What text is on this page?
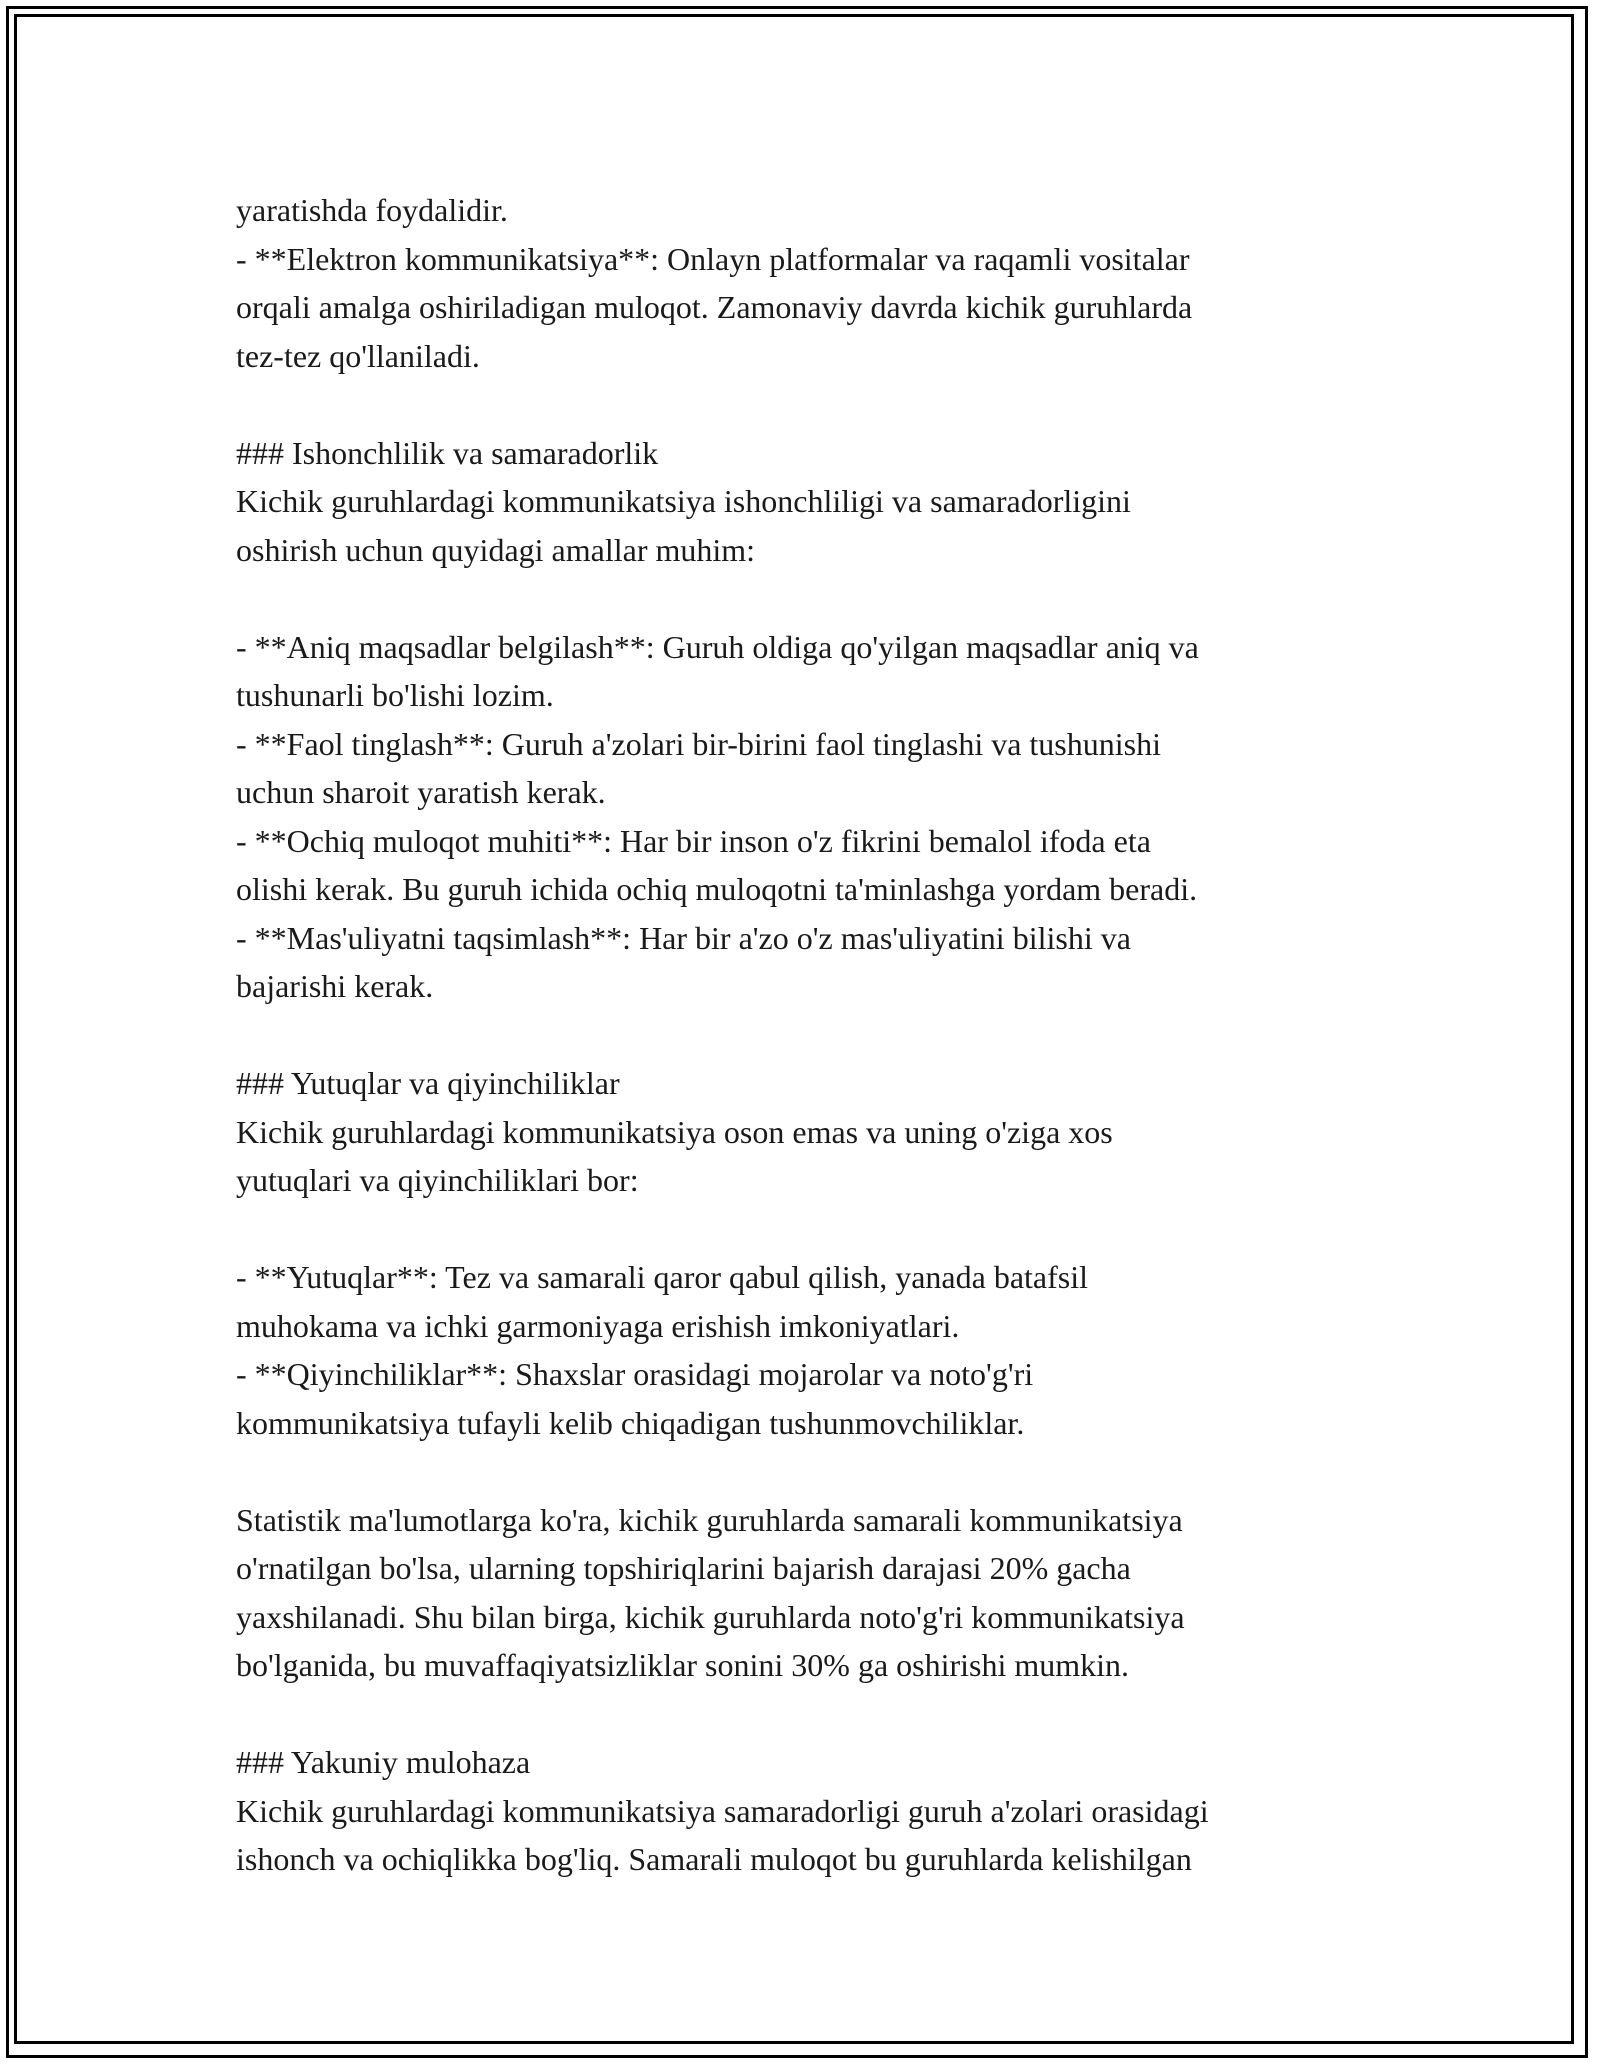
yaratishda foydalidir.
- **Elektron kommunikatsiya**: Onlayn platformalar va raqamli vositalar
orqali amalga oshiriladigan muloqot. Zamonaviy davrda kichik guruhlarda
tez-tez qo'llaniladi.
### Ishonchlilik va samaradorlik
Kichik guruhlardagi kommunikatsiya ishonchliligi va samaradorligini
oshirish uchun quyidagi amallar muhim:
- **Aniq maqsadlar belgilash**: Guruh oldiga qo'yilgan maqsadlar aniq va
tushunarli bo'lishi lozim.
- **Faol tinglash**: Guruh a'zolari bir-birini faol tinglashi va tushunishi
uchun sharoit yaratish kerak.
- **Ochiq muloqot muhiti**: Har bir inson o'z fikrini bemalol ifoda eta
olishi kerak. Bu guruh ichida ochiq muloqotni ta'minlashga yordam beradi.
- **Mas'uliyatni taqsimlash**: Har bir a'zo o'z mas'uliyatini bilishi va
bajarishi kerak.
### Yutuqlar va qiyinchiliklar
Kichik guruhlardagi kommunikatsiya oson emas va uning o'ziga xos
yutuqlari va qiyinchiliklari bor:
- **Yutuqlar**: Tez va samarali qaror qabul qilish, yanada batafsil
muhokama va ichki garmoniyaga erishish imkoniyatlari.
- **Qiyinchiliklar**: Shaxslar orasidagi mojarolar va noto'g'ri
kommunikatsiya tufayli kelib chiqadigan tushunmovchiliklar.
Statistik ma'lumotlarga ko'ra, kichik guruhlarda samarali kommunikatsiya
o'rnatilgan bo'lsa, ularning topshiriqlarini bajarish darajasi 20% gacha
yaxshilanadi. Shu bilan birga, kichik guruhlarda noto'g'ri kommunikatsiya
bo'lganida, bu muvaffaqiyatsizliklar sonini 30% ga oshirishi mumkin.
### Yakuniy mulohaza
Kichik guruhlardagi kommunikatsiya samaradorligi guruh a'zolari orasidagi
ishonch va ochiqlikka bog'liq. Samarali muloqot bu guruhlarda kelishilgan
